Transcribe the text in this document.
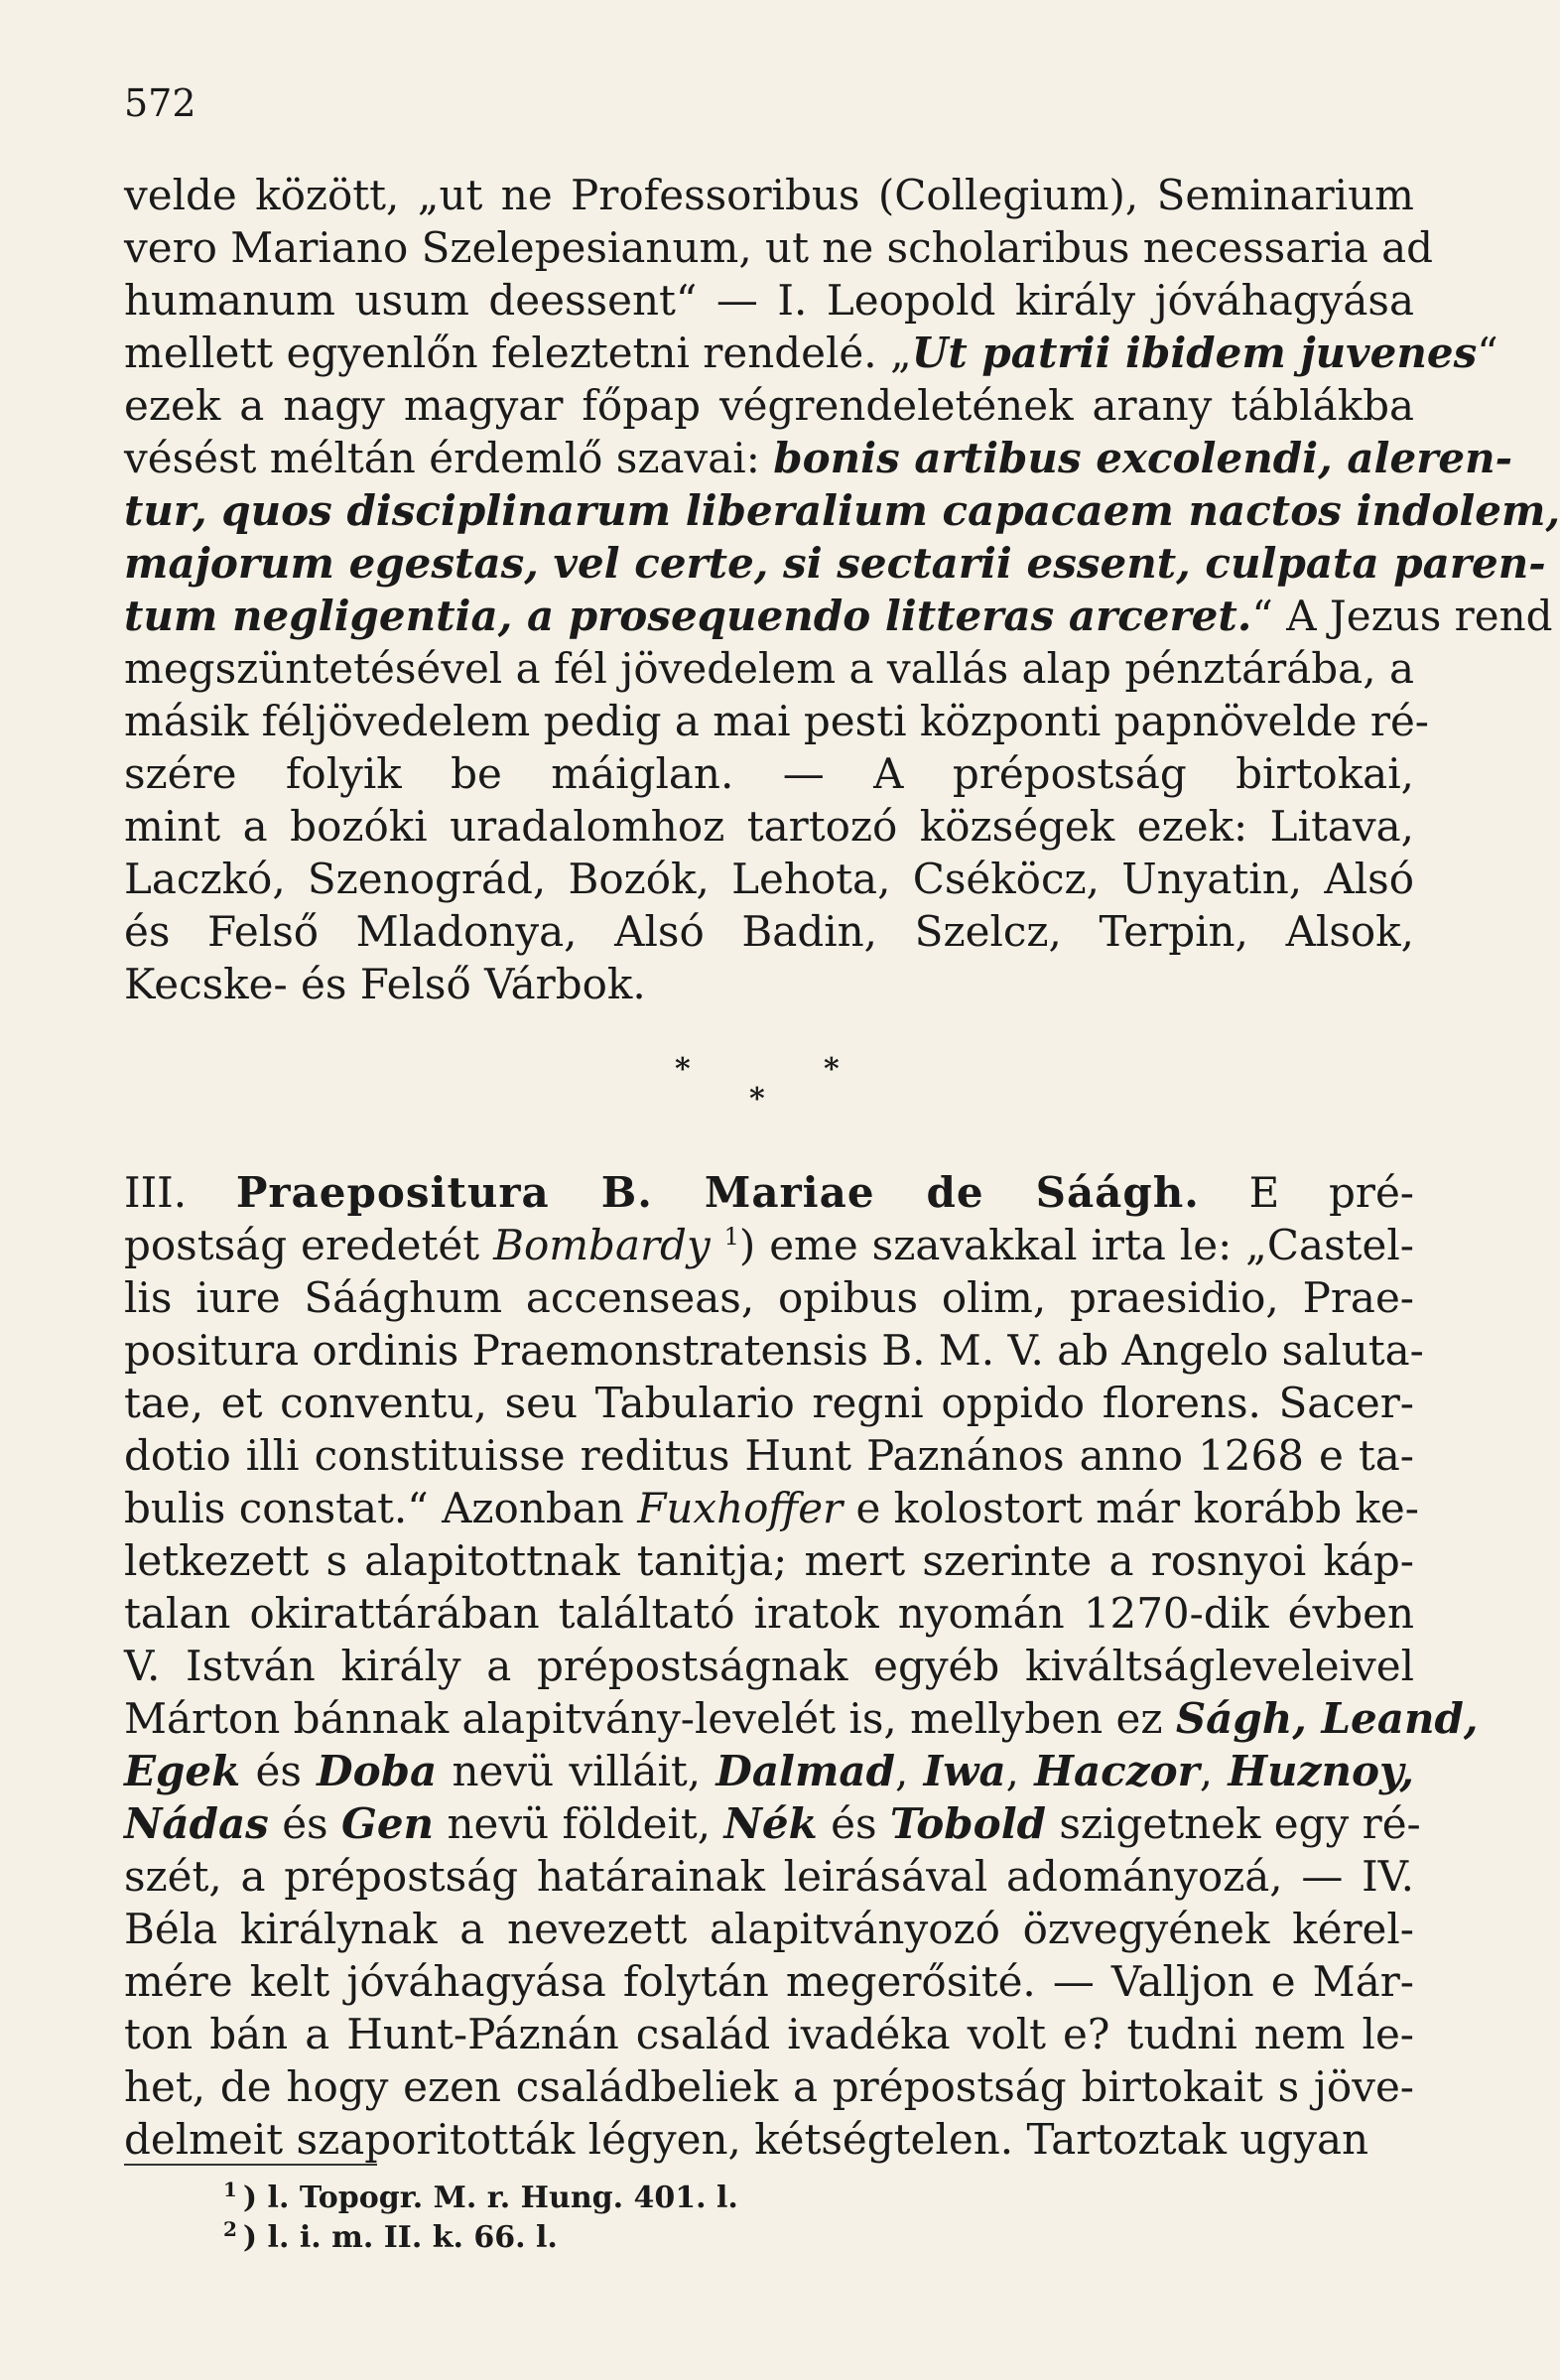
572
velde között, „ut ne Professoribus (Collegium), Seminarium
vero Mariano Szelepesianum, ut ne scholaribus necessaria ad
humanum usum deessent“ — I. Leopold király jóváhagyása
mellett egyenlőn feleztetni rendelé. „Ut patrii ibidem juvenes“
ezek a nagy magyar főpap végrendeletének arany táblákba
vésést méltán érdemlő szavai: bonis artibus excolendi, aleren-
tur, quos disciplinarum liberalium capacaem nactos indolem,
majorum egestas, vel certe, si sectarii essent, culpata paren-
tum negligentia, a prosequendo litteras arceret.“ A Jezus rend
megszüntetésével a fél jövedelem a vallás alap pénztárába, a
másik féljövedelem pedig a mai pesti központi papnövelde ré-
szére folyik be máiglan. — A prépostság birtokai,
mint a bozóki uradalomhoz tartozó községek ezek: Litava,
Laczkó, Szenográd, Bozók, Lehota, Cséköcz, Unyatin, Alsó
és Felső Mladonya, Alsó Badin, Szelcz, Terpin, Alsok,
Kecske- és Felső Várbok.
III. Praepositura B. Mariae de Sáágh. E pré-
postság eredetét Bombardy $^1$) eme szavakkal irta le: „Castel-
lis iure Sáághum accenseas, opibus olim, praesidio, Prae-
positura ordinis Praemonstratensis B. M. V. ab Angelo saluta-
tae, et conventu, seu Tabulario regni oppido florens. Sacer-
dotio illi constituisse reditus Hunt Paznános anno 1268 e ta-
bulis constat.“ Azonban Fuxhoffer e kolostort már korább ke-
letkezett s alapitottnak tanitja; mert szerinte a rosnyoi káp-
talan okirattárában találtató iratok nyomán 1270-dik évben
V. István király a prépostságnak egyéb kiváltságleveleivel
Márton bánnak alapitvány-levelét is, mellyben ez Ságh, Leand,
Egek és Doba nevü villáit, Dalmad, Iwa, Haczor, Huznoy,
Nádas és Gen nevü földeit, Nék és Tobold szigetnek egy ré-
szét, a prépostság határainak leirásával adományozá, — IV.
Béla királynak a nevezett alapitványozó özvegyének kérel-
mére kelt jóváhagyása folytán megerősité. — Valljon e Már-
ton bán a Hunt-Páznán család ivadéka volt e? tudni nem le-
het, de hogy ezen családbeliek a prépostság birtokait s jöve-
delmeit szaporitották légyen, kétségtelen. Tartoztak ugyan
*	*
*
$^1$ ) l. Topogr. M. r. Hung. 401. l.
$^2$ ) l. i. m. II. k. 66. l.
